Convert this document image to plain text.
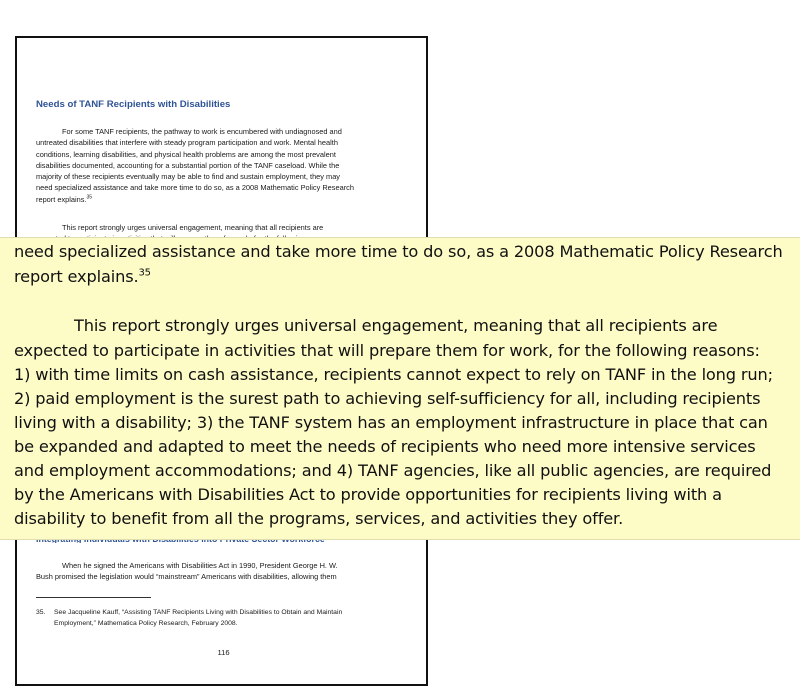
Needs of TANF Recipients with Disabilities
For some TANF recipients, the pathway to work is encumbered with undiagnosed and
untreated disabilities that interfere with steady program participation and work. Mental health
conditions, learning disabilities, and physical health problems are among the most prevalent
disabilities documented, accounting for a substantial portion of the TANF caseload. While the
majority of these recipients eventually may be able to find and sustain employment, they may
need specialized assistance and take more time to do so, as a 2008 Mathematic Policy Research
report explains.$^{35}$
This report strongly urges universal engagement, meaning that all recipients are
When he signed the Americans with Disabilities Act in 1990, President George H. W.
Bush promised the legislation would “mainstream” Americans with disabilities, allowing them
35. See Jacqueline Kauff, “Assisting TANF Recipients Living with Disabilities to Obtain and Maintain
Employment,” Mathematica Policy Research, February 2008.
116
need specialized assistance and take more time to do so, as a 2008 Mathematic Policy Research
report explains.$^{35}$
This report strongly urges universal engagement, meaning that all recipients are
expected to participate in activities that will prepare them for work, for the following reasons:
1) with time limits on cash assistance, recipients cannot expect to rely on TANF in the long run;
2) paid employment is the surest path to achieving self-sufficiency for all, including recipients
living with a disability; 3) the TANF system has an employment infrastructure in place that can
be expanded and adapted to meet the needs of recipients who need more intensive services
and employment accommodations; and 4) TANF agencies, like all public agencies, are required
by the Americans with Disabilities Act to provide opportunities for recipients living with a
disability to benefit from all the programs, services, and activities they offer.
